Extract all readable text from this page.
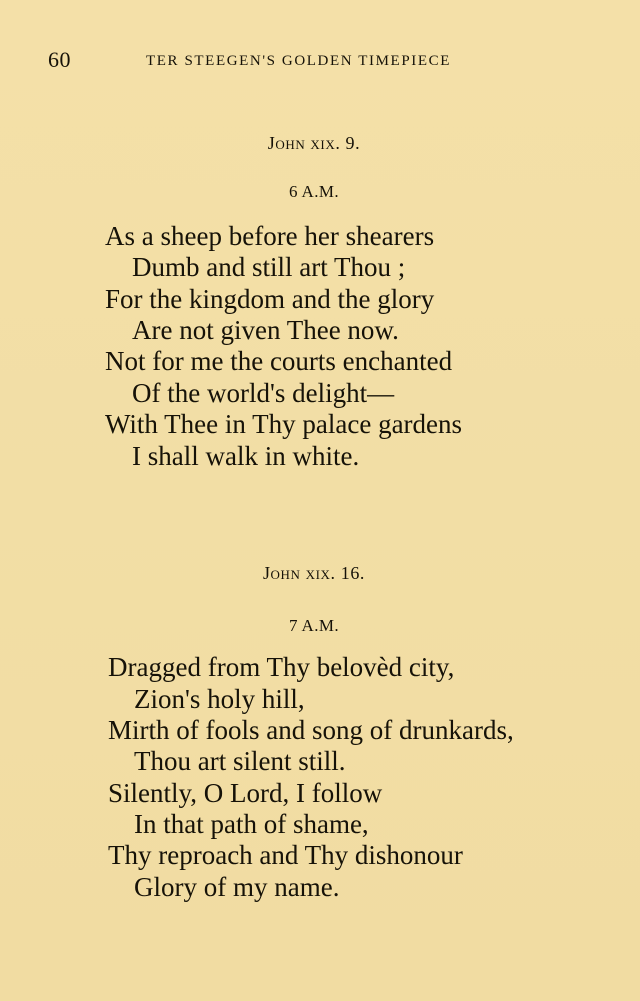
60	TER STEEGEN'S GOLDEN TIMEPIECE
John xix. 9.
6 A.M.
As a sheep before her shearers
Dumb and still art Thou ;
For the kingdom and the glory
Are not given Thee now.
Not for me the courts enchanted
Of the world's delight—
With Thee in Thy palace gardens
I shall walk in white.
John xix. 16.
7 A.M.
Dragged from Thy belovèd city,
Zion's holy hill,
Mirth of fools and song of drunkards,
Thou art silent still.
Silently, O Lord, I follow
In that path of shame,
Thy reproach and Thy dishonour
Glory of my name.
